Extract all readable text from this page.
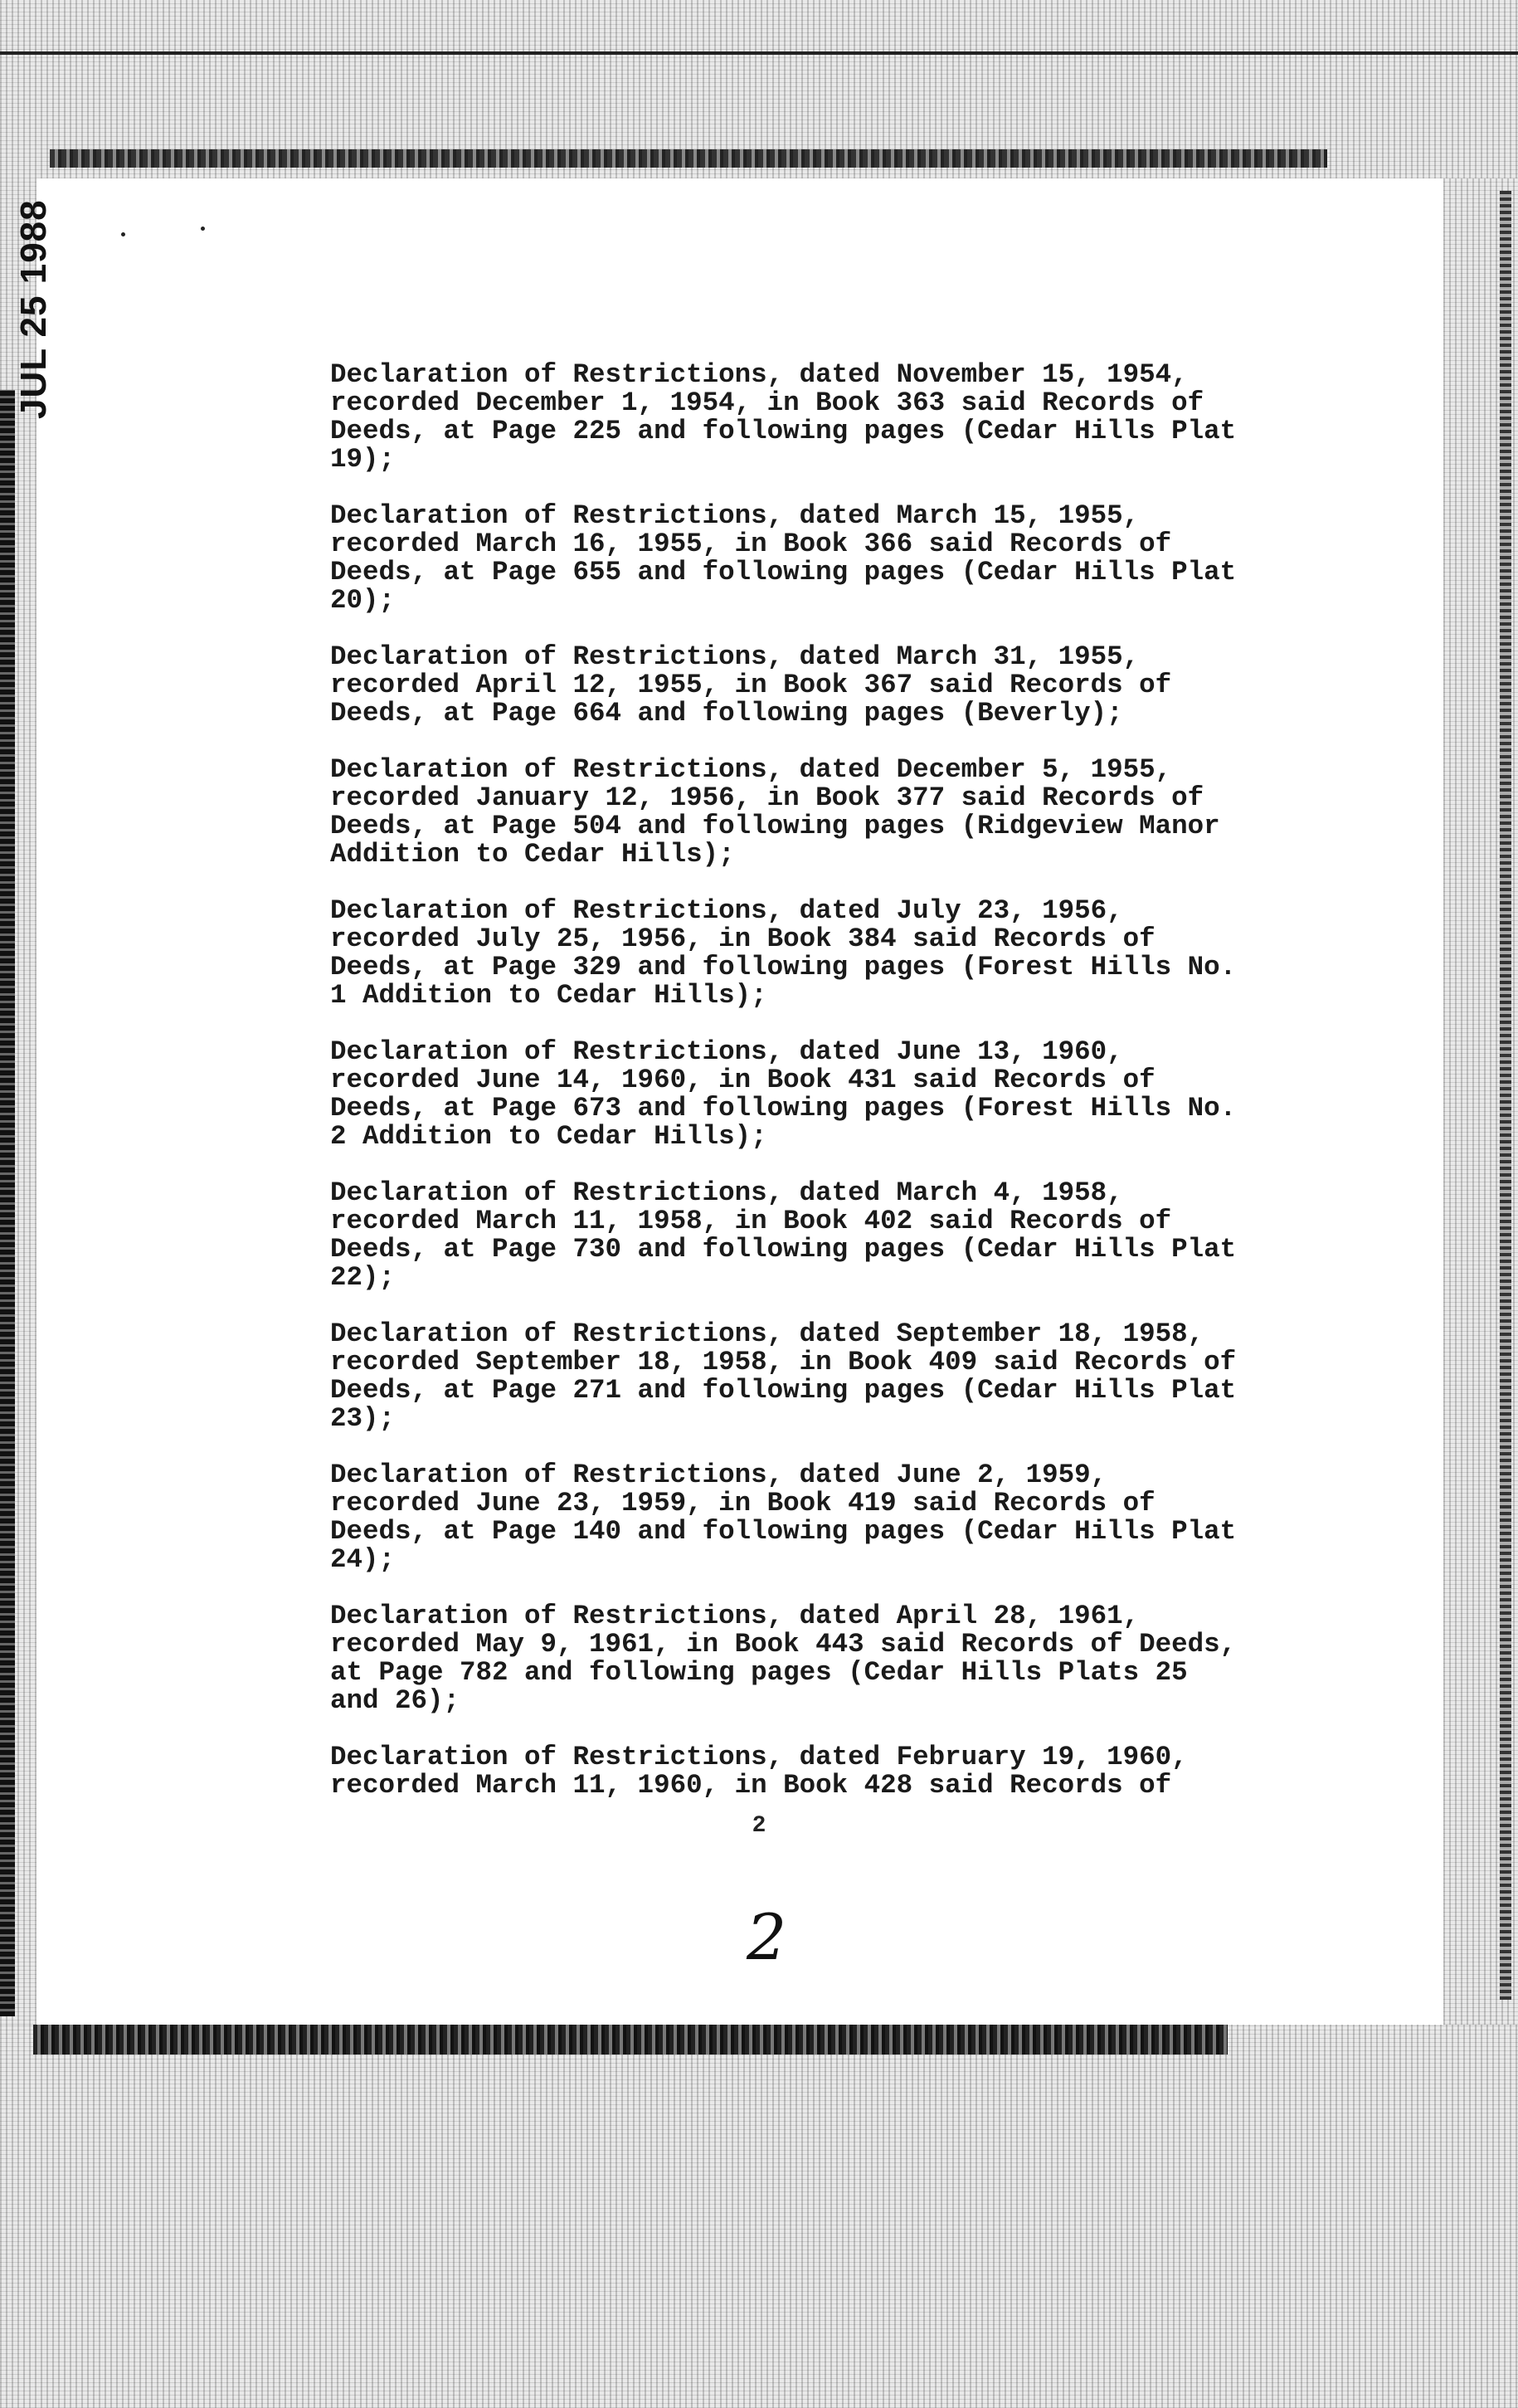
JUL 25 1988	Declaration of Restrictions, dated November 15, 1954,
recorded December 1, 1954, in Book 363 said Records of
Deeds, at Page 225 and following pages (Cedar Hills Plat
19);

Declaration of Restrictions, dated March 15, 1955,
recorded March 16, 1955, in Book 366 said Records of
Deeds, at Page 655 and following pages (Cedar Hills Plat
20);

Declaration of Restrictions, dated March 31, 1955,
recorded April 12, 1955, in Book 367 said Records of
Deeds, at Page 664 and following pages (Beverly);

Declaration of Restrictions, dated December 5, 1955,
recorded January 12, 1956, in Book 377 said Records of
Deeds, at Page 504 and following pages (Ridgeview Manor
Addition to Cedar Hills);

Declaration of Restrictions, dated July 23, 1956,
recorded July 25, 1956, in Book 384 said Records of
Deeds, at Page 329 and following pages (Forest Hills No.
1 Addition to Cedar Hills);

Declaration of Restrictions, dated June 13, 1960,
recorded June 14, 1960, in Book 431 said Records of
Deeds, at Page 673 and following pages (Forest Hills No.
2 Addition to Cedar Hills);

Declaration of Restrictions, dated March 4, 1958,
recorded March 11, 1958, in Book 402 said Records of
Deeds, at Page 730 and following pages (Cedar Hills Plat
22);

Declaration of Restrictions, dated September 18, 1958,
recorded September 18, 1958, in Book 409 said Records of
Deeds, at Page 271 and following pages (Cedar Hills Plat
23);

Declaration of Restrictions, dated June 2, 1959,
recorded June 23, 1959, in Book 419 said Records of
Deeds, at Page 140 and following pages (Cedar Hills Plat
24);

Declaration of Restrictions, dated April 28, 1961,
recorded May 9, 1961, in Book 443 said Records of Deeds,
at Page 782 and following pages (Cedar Hills Plats 25
and 26);

Declaration of Restrictions, dated February 19, 1960,
recorded March 11, 1960, in Book 428 said Records of

2
2
